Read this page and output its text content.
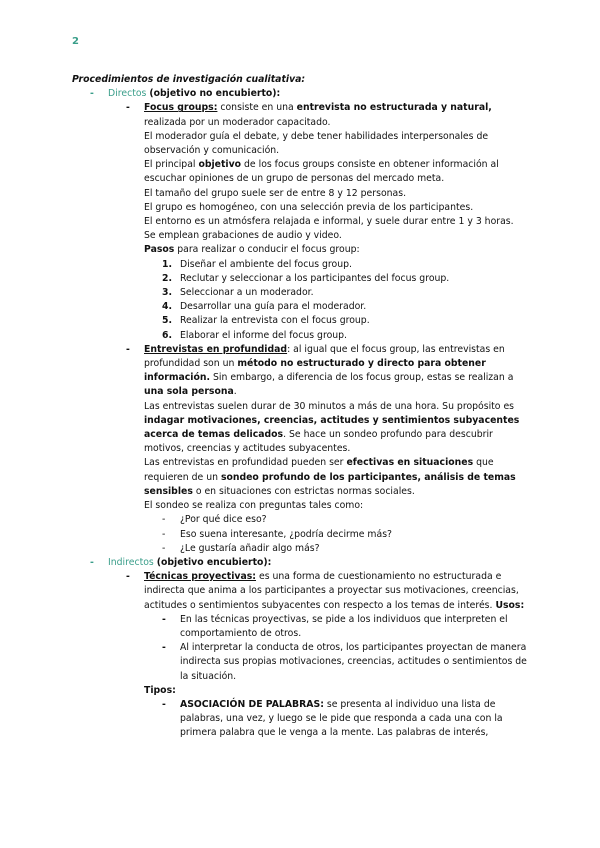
2
Procedimientos de investigación cualitativa:
-	Directos (objetivo no encubierto):
-	Focus groups: consiste en una entrevista no estructurada y natural, realizada por un moderador capacitado.
El moderador guía el debate, y debe tener habilidades interpersonales de observación y comunicación.
El principal objetivo de los focus groups consiste en obtener información al escuchar opiniones de un grupo de personas del mercado meta.
El tamaño del grupo suele ser de entre 8 y 12 personas.
El grupo es homogéneo, con una selección previa de los participantes.
El entorno es un atmósfera relajada e informal, y suele durar entre 1 y 3 horas.
Se emplean grabaciones de audio y video.
Pasos para realizar o conducir el focus group:
1. Diseñar el ambiente del focus group.
2. Reclutar y seleccionar a los participantes del focus group.
3. Seleccionar a un moderador.
4. Desarrollar una guía para el moderador.
5. Realizar la entrevista con el focus group.
6. Elaborar el informe del focus group.
-	Entrevistas en profundidad: al igual que el focus group, las entrevistas en profundidad son un método no estructurado y directo para obtener información. Sin embargo, a diferencia de los focus group, estas se realizan a una sola persona.
Las entrevistas suelen durar de 30 minutos a más de una hora. Su propósito es indagar motivaciones, creencias, actitudes y sentimientos subyacentes acerca de temas delicados. Se hace un sondeo profundo para descubrir motivos, creencias y actitudes subyacentes.
Las entrevistas en profundidad pueden ser efectivas en situaciones que requieren de un sondeo profundo de los participantes, análisis de temas sensibles o en situaciones con estrictas normas sociales.
El sondeo se realiza con preguntas tales como:
-	¿Por qué dice eso?
-	Eso suena interesante, ¿podría decirme más?
-	¿Le gustaría añadir algo más?
-	Indirectos (objetivo encubierto):
-	Técnicas proyectivas: es una forma de cuestionamiento no estructurada e indirecta que anima a los participantes a proyectar sus motivaciones, creencias, actitudes o sentimientos subyacentes con respecto a los temas de interés. Usos:
-	En las técnicas proyectivas, se pide a los individuos que interpreten el comportamiento de otros.
-	Al interpretar la conducta de otros, los participantes proyectan de manera indirecta sus propias motivaciones, creencias, actitudes o sentimientos de la situación.
Tipos:
-	ASOCIACIÓN DE PALABRAS: se presenta al individuo una lista de palabras, una vez, y luego se le pide que responda a cada una con la primera palabra que le venga a la mente. Las palabras de interés,
